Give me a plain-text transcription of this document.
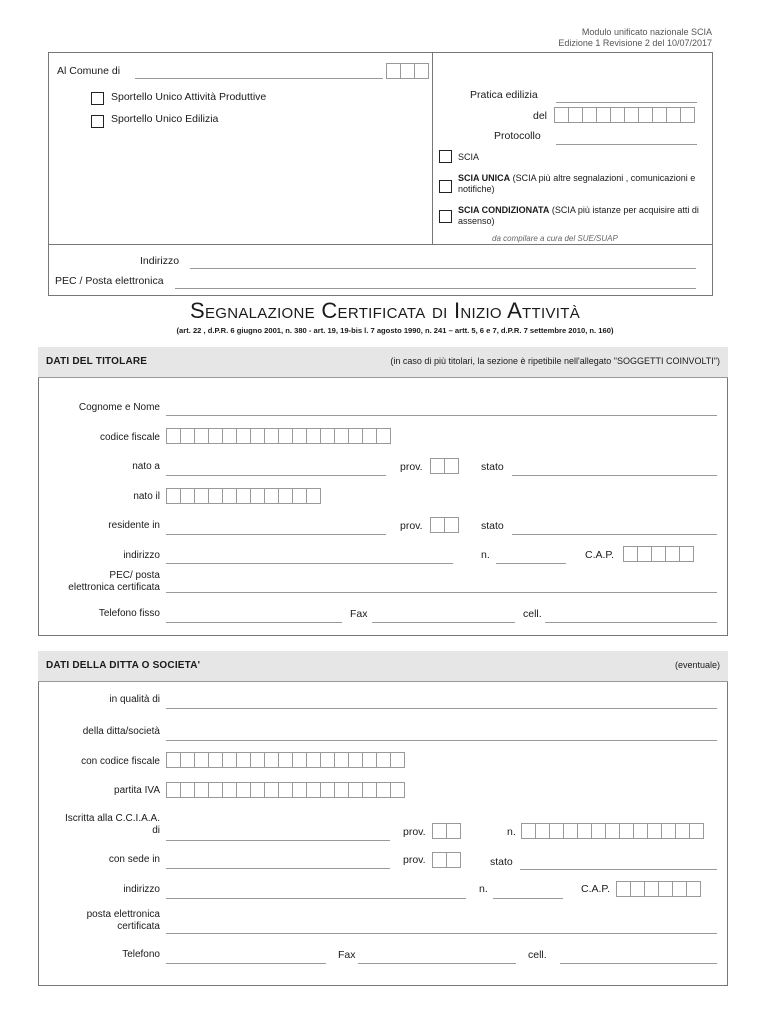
Modulo unificato nazionale SCIA
Edizione 1 Revisione 2 del 10/07/2017
Al Comune di
Sportello Unico Attività Produttive
Sportello Unico Edilizia
Pratica edilizia
del
Protocollo
SCIA
SCIA UNICA (SCIA più altre segnalazioni , comunicazioni e notifiche)
SCIA CONDIZIONATA (SCIA più istanze per acquisire atti di assenso)
da compilare a cura del SUE/SUAP
Indirizzo
PEC / Posta elettronica
Segnalazione Certificata di Inizio Attività
(art. 22 , d.P.R. 6 giugno 2001, n. 380 - art. 19, 19-bis l. 7 agosto 1990, n. 241 – artt. 5, 6 e 7, d.P.R. 7 settembre 2010, n. 160)
DATI DEL TITOLARE	(in caso di più titolari, la sezione è ripetibile nell'allegato "SOGGETTI COINVOLTI")
Cognome e Nome
codice fiscale
nato a	prov.	stato
nato il
residente in	prov.	stato
indirizzo	n.	C.A.P.
PEC/ posta
elettronica certificata
Telefono fisso	Fax	cell.
DATI DELLA DITTA O SOCIETA'	(eventuale)
in qualità di
della ditta/società
con codice fiscale
partita IVA
Iscritta alla C.C.I.A.A.
di	prov.	n.
con sede in	prov.	stato
indirizzo	n.	C.A.P.
posta elettronica
certificata
Telefono	Fax	cell.
